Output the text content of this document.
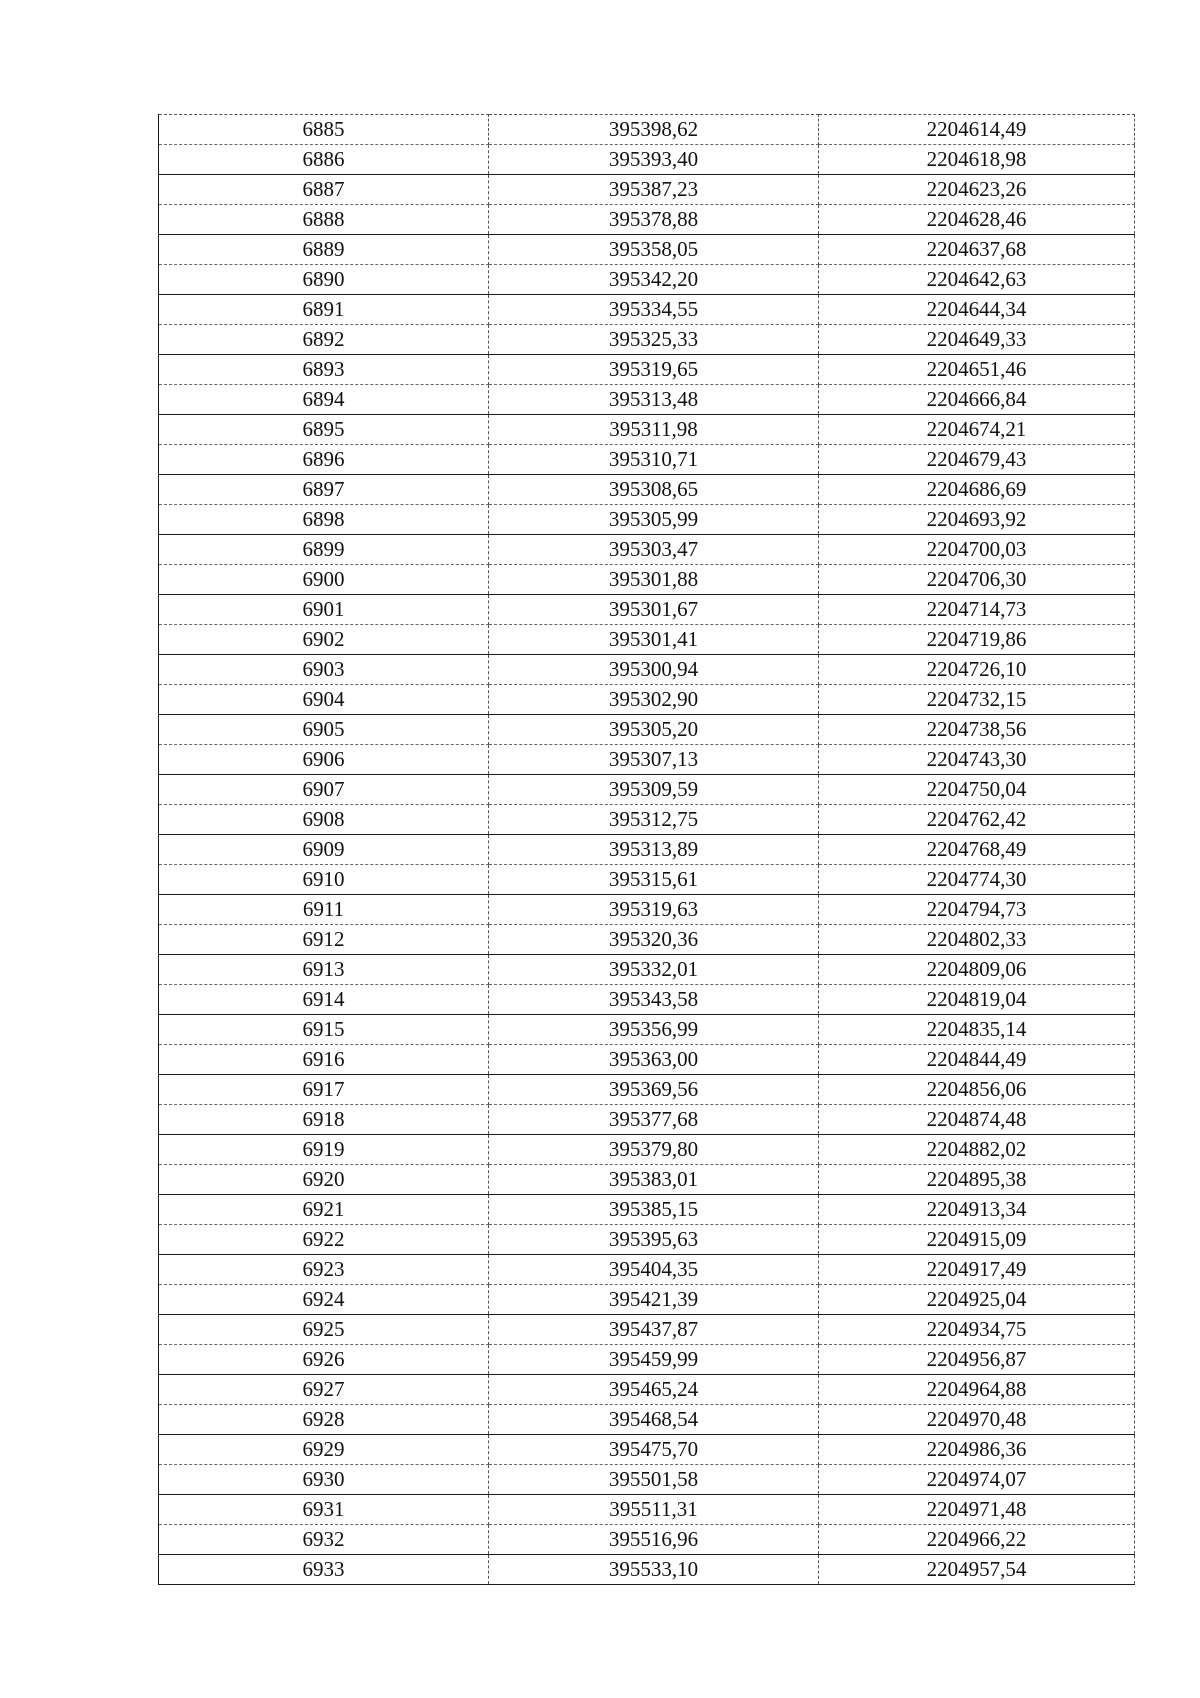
6885	395398,62	2204614,49
6886	395393,40	2204618,98
6887	395387,23	2204623,26
6888	395378,88	2204628,46
6889	395358,05	2204637,68
6890	395342,20	2204642,63
6891	395334,55	2204644,34
6892	395325,33	2204649,33
6893	395319,65	2204651,46
6894	395313,48	2204666,84
6895	395311,98	2204674,21
6896	395310,71	2204679,43
6897	395308,65	2204686,69
6898	395305,99	2204693,92
6899	395303,47	2204700,03
6900	395301,88	2204706,30
6901	395301,67	2204714,73
6902	395301,41	2204719,86
6903	395300,94	2204726,10
6904	395302,90	2204732,15
6905	395305,20	2204738,56
6906	395307,13	2204743,30
6907	395309,59	2204750,04
6908	395312,75	2204762,42
6909	395313,89	2204768,49
6910	395315,61	2204774,30
6911	395319,63	2204794,73
6912	395320,36	2204802,33
6913	395332,01	2204809,06
6914	395343,58	2204819,04
6915	395356,99	2204835,14
6916	395363,00	2204844,49
6917	395369,56	2204856,06
6918	395377,68	2204874,48
6919	395379,80	2204882,02
6920	395383,01	2204895,38
6921	395385,15	2204913,34
6922	395395,63	2204915,09
6923	395404,35	2204917,49
6924	395421,39	2204925,04
6925	395437,87	2204934,75
6926	395459,99	2204956,87
6927	395465,24	2204964,88
6928	395468,54	2204970,48
6929	395475,70	2204986,36
6930	395501,58	2204974,07
6931	395511,31	2204971,48
6932	395516,96	2204966,22
6933	395533,10	2204957,54
